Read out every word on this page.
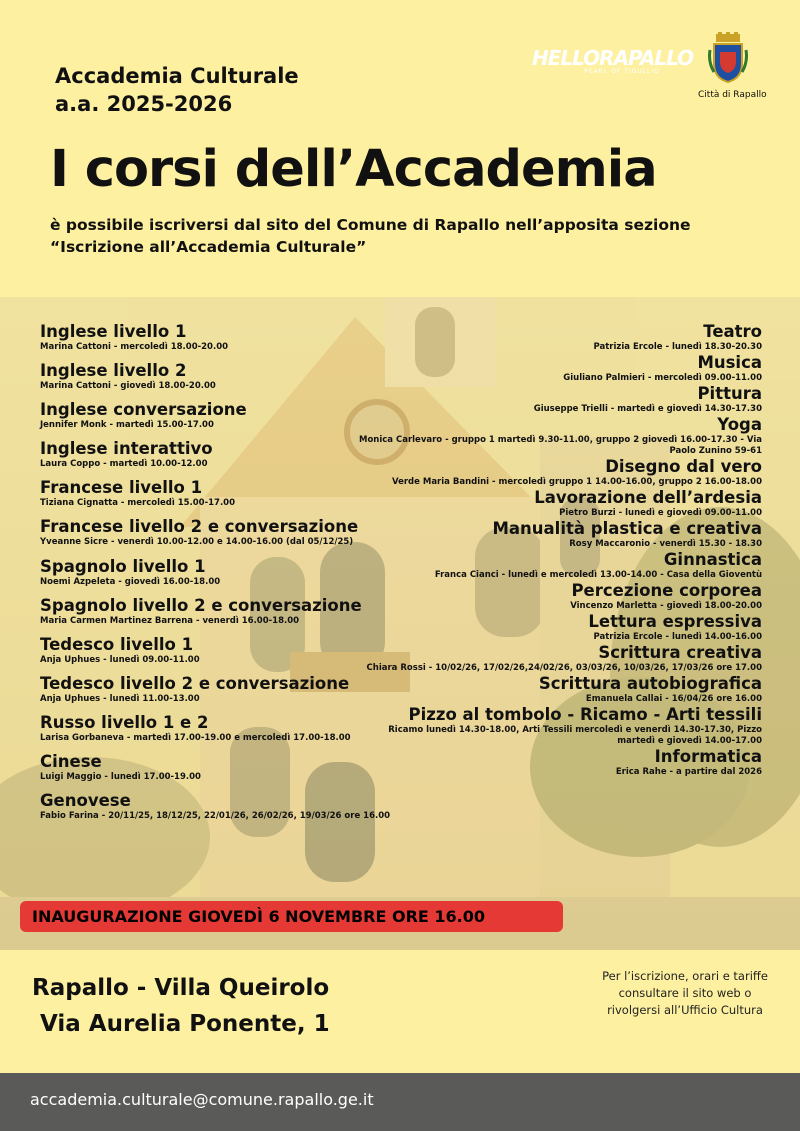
Accademia Culturale
a.a. 2025-2026
I corsi dell’Accademia
è possibile iscriversi dal sito del Comune di Rapallo nell’apposita sezione “Iscrizione all’Accademia Culturale”
HELLORAPALLO
PEARL OF TIGULLIO
Città di Rapallo
Inglese livello 1
Marina Cattoni - mercoledì 18.00-20.00
Inglese livello 2
Marina Cattoni - giovedì 18.00-20.00
Inglese conversazione
Jennifer Monk - martedì 15.00-17.00
Inglese interattivo
Laura Coppo - martedì 10.00-12.00
Francese livello 1
Tiziana Cignatta - mercoledì 15.00-17.00
Francese livello 2 e conversazione
Yveanne Sicre - venerdì 10.00-12.00 e 14.00-16.00 (dal 05/12/25)
Spagnolo livello 1
Noemi Azpeleta - giovedì 16.00-18.00
Spagnolo livello 2 e conversazione
Maria Carmen Martinez Barrena - venerdì 16.00-18.00
Tedesco livello 1
Anja Uphues - lunedì 09.00-11.00
Tedesco livello 2 e conversazione
Anja Uphues - lunedì 11.00-13.00
Russo livello 1 e 2
Larisa Gorbaneva - martedì 17.00-19.00 e mercoledì 17.00-18.00
Cinese
Luigi Maggio - lunedì 17.00-19.00
Genovese
Fabio Farina - 20/11/25, 18/12/25, 22/01/26, 26/02/26, 19/03/26 ore 16.00
Teatro
Patrizia Ercole - lunedì 18.30-20.30
Musica
Giuliano Palmieri - mercoledì 09.00-11.00
Pittura
Giuseppe Trielli - martedì e giovedì 14.30-17.30
Yoga
Monica Carlevaro - gruppo 1 martedì 9.30-11.00, gruppo 2 giovedì 16.00-17.30 - Via Paolo Zunino 59-61
Disegno dal vero
Verde Maria Bandini - mercoledì gruppo 1 14.00-16.00, gruppo 2 16.00-18.00
Lavorazione dell’ardesia
Pietro Burzi - lunedì e giovedì 09.00-11.00
Manualità plastica e creativa
Rosy Maccaronio - venerdì 15.30 - 18.30
Ginnastica
Franca Cianci - lunedì e mercoledì 13.00-14.00 - Casa della Gioventù
Percezione corporea
Vincenzo Marletta - giovedì 18.00-20.00
Lettura espressiva
Patrizia Ercole - lunedì 14.00-16.00
Scrittura creativa
Chiara Rossi - 10/02/26, 17/02/26,24/02/26, 03/03/26, 10/03/26, 17/03/26 ore 17.00
Scrittura autobiografica
Emanuela Callai - 16/04/26 ore 16.00
Pizzo al tombolo - Ricamo - Arti tessili
Ricamo lunedì 14.30-18.00, Arti Tessili mercoledì e venerdì 14.30-17.30, Pizzo martedì e giovedì 14.00-17.00
Informatica
Erica Rahe - a partire dal 2026
INAUGURAZIONE GIOVEDÌ 6 NOVEMBRE ORE 16.00
Rapallo - Villa Queirolo
Via Aurelia Ponente, 1
Per l’iscrizione, orari e tariffe consultare il sito web o rivolgersi all’Ufficio Cultura
accademia.culturale@comune.rapallo.ge.it
